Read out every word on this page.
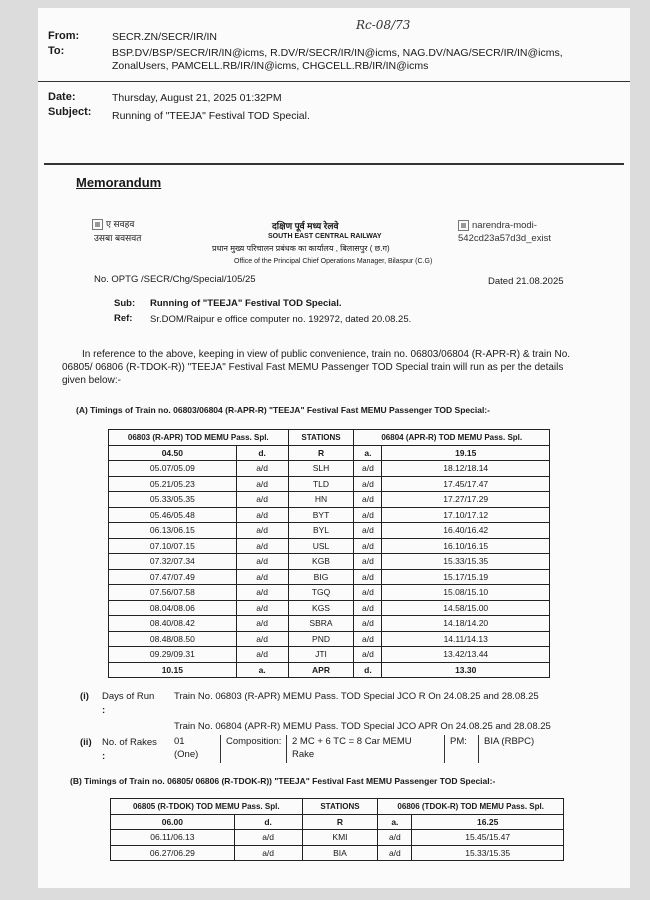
Rc-08/73
From:	SECR.ZN/SECR/IR/IN
To:	BSP.DV/BSP/SECR/IR/IN@icms, R.DV/R/SECR/IR/IN@icms, NAG.DV/NAG/SECR/IR/IN@icms,
ZonalUsers, PAMCELL.RB/IR/IN@icms, CHGCELL.RB/IR/IN@icms
Date:	Thursday, August 21, 2025 01:32PM
Subject: Running of "TEEJA" Festival TOD Special.
Memorandum
ए सवहव
उसबा बवसवत
दक्षिण पूर्व मध्य रेलवे
SOUTH EAST CENTRAL RAILWAY
प्रधान मुख्य परिचालन प्रबंधक का कार्यालय , बिलासपुर ( छ.ग)
Office of the Principal Chief Operations Manager, Bilaspur (C.G)
narendra-modi-
542cd23a57d3d_exist
No. OPTG /SECR/Chg/Special/105/25	Dated 21.08.2025
Sub: Running of "TEEJA" Festival TOD Special.
Ref: Sr.DOM/Raipur e office computer no. 192972, dated 20.08.25.
In reference to the above, keeping in view of public convenience, train no. 06803/06804 (R-APR-R) & train No.
06805/ 06806 (R-TDOK-R)) "TEEJA" Festival Fast MEMU Passenger TOD Special train will run as per the details
given below:-
(A) Timings of Train no. 06803/06804 (R-APR-R) "TEEJA" Festival Fast MEMU Passenger TOD Special:-
06803 (R-APR) TOD MEMU Pass. Spl.		STATIONS	06804 (APR-R) TOD MEMU Pass. Spl.	
04.50	d.	R	a.	19.15
05.07/05.09	a/d	SLH	a/d	18.12/18.14
05.21/05.23	a/d	TLD	a/d	17.45/17.47
05.33/05.35	a/d	HN	a/d	17.27/17.29
05.46/05.48	a/d	BYT	a/d	17.10/17.12
06.13/06.15	a/d	BYL	a/d	16.40/16.42
07.10/07.15	a/d	USL	a/d	16.10/16.15
07.32/07.34	a/d	KGB	a/d	15.33/15.35
07.47/07.49	a/d	BIG	a/d	15.17/15.19
07.56/07.58	a/d	TGQ	a/d	15.08/15.10
08.04/08.06	a/d	KGS	a/d	14.58/15.00
08.40/08.42	a/d	SBRA	a/d	14.18/14.20
08.48/08.50	a/d	PND	a/d	14.11/14.13
09.29/09.31	a/d	JTI	a/d	13.42/13.44
10.15	a.	APR	d.	13.30
(i) Days of Run
:
Train No. 06803 (R-APR) MEMU Pass. TOD Special JCO R On 24.08.25 and 28.08.25
Train No. 06804 (APR-R) MEMU Pass. TOD Special JCO APR On 24.08.25 and 28.08.25
(ii) No. of Rakes
:
01
(One)
Composition: 2 MC + 6 TC = 8 Car MEMU
Rake
PM: BIA (RBPC)
(B) Timings of Train no. 06805/ 06806 (R-TDOK-R)) "TEEJA" Festival Fast MEMU Passenger TOD Special:-
06805 (R-TDOK) TOD MEMU Pass. Spl.		STATIONS	06806 (TDOK-R) TOD MEMU Pass. Spl.	
06.00	d.	R	a.	16.25
06.11/06.13	a/d	KMI	a/d	15.45/15.47
06.27/06.29	a/d	BIA	a/d	15.33/15.35
